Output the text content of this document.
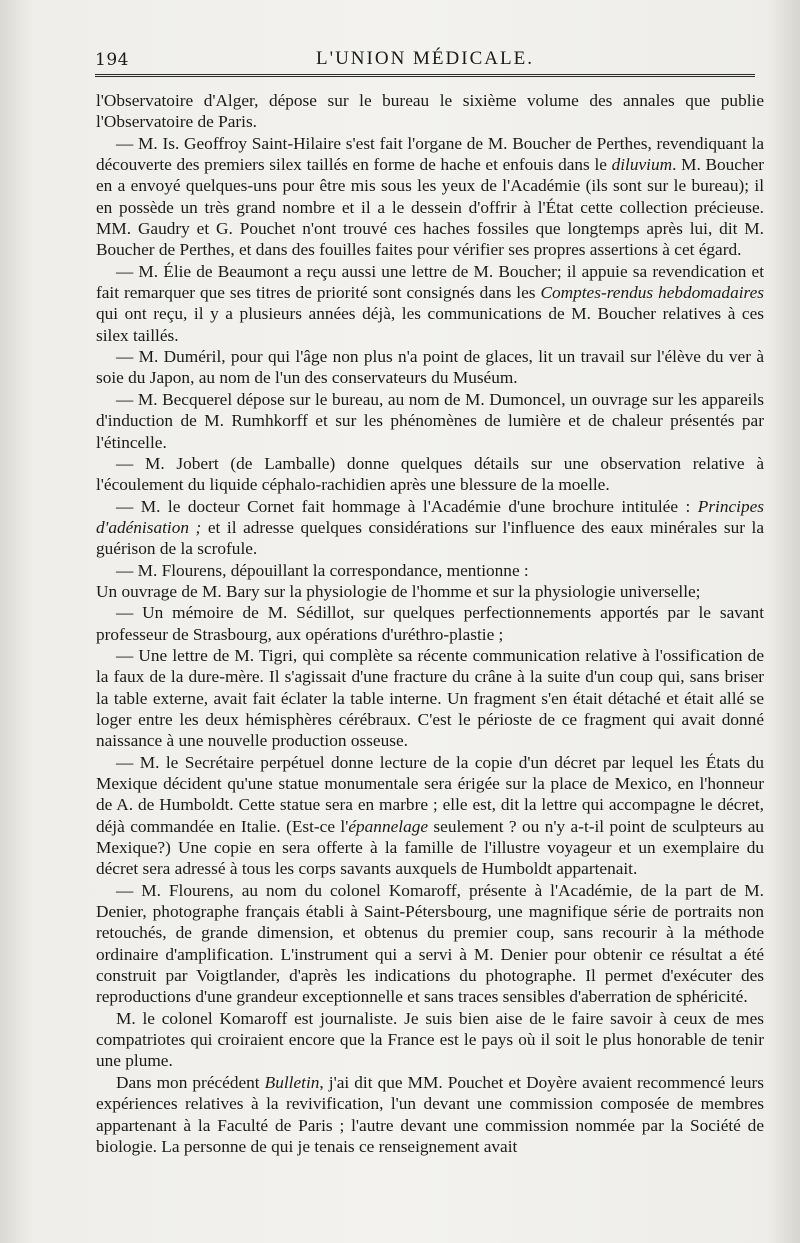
194	L'UNION MÉDICALE.

l'Observatoire d'Alger, dépose sur le bureau le sixième volume des annales que publie l'Observatoire de Paris.

— M. Is. Geoffroy Saint-Hilaire s'est fait l'organe de M. Boucher de Perthes, revendiquant la découverte des premiers silex taillés en forme de hache et enfouis dans le diluvium. M. Boucher en a envoyé quelques-uns pour être mis sous les yeux de l'Académie (ils sont sur le bureau); il en possède un très grand nombre et il a le dessein d'offrir à l'État cette collection précieuse. MM. Gaudry et G. Pouchet n'ont trouvé ces haches fossiles que longtemps après lui, dit M. Boucher de Perthes, et dans des fouilles faites pour vérifier ses propres assertions à cet égard.

— M. Élie de Beaumont a reçu aussi une lettre de M. Boucher; il appuie sa revendication et fait remarquer que ses titres de priorité sont consignés dans les Comptes-rendus hebdomadaires qui ont reçu, il y a plusieurs années déjà, les communications de M. Boucher relatives à ces silex taillés.

— M. Duméril, pour qui l'âge non plus n'a point de glaces, lit un travail sur l'élève du ver à soie du Japon, au nom de l'un des conservateurs du Muséum.

— M. Becquerel dépose sur le bureau, au nom de M. Dumoncel, un ouvrage sur les appareils d'induction de M. Rumhkorff et sur les phénomènes de lumière et de chaleur présentés par l'étincelle.

— M. Jobert (de Lamballe) donne quelques détails sur une observation relative à l'écoulement du liquide céphalo-rachidien après une blessure de la moelle.

— M. le docteur Cornet fait hommage à l'Académie d'une brochure intitulée : Principes d'adénisation ; et il adresse quelques considérations sur l'influence des eaux minérales sur la guérison de la scrofule.

— M. Flourens, dépouillant la correspondance, mentionne :

Un ouvrage de M. Bary sur la physiologie de l'homme et sur la physiologie universelle;

— Un mémoire de M. Sédillot, sur quelques perfectionnements apportés par le savant professeur de Strasbourg, aux opérations d'uréthro-plastie ;

— Une lettre de M. Tigri, qui complète sa récente communication relative à l'ossification de la faux de la dure-mère. Il s'agissait d'une fracture du crâne à la suite d'un coup qui, sans briser la table externe, avait fait éclater la table interne. Un fragment s'en était détaché et était allé se loger entre les deux hémisphères cérébraux. C'est le périoste de ce fragment qui avait donné naissance à une nouvelle production osseuse.

— M. le Secrétaire perpétuel donne lecture de la copie d'un décret par lequel les États du Mexique décident qu'une statue monumentale sera érigée sur la place de Mexico, en l'honneur de A. de Humboldt. Cette statue sera en marbre ; elle est, dit la lettre qui accompagne le décret, déjà commandée en Italie. (Est-ce l'épannelage seulement ? ou n'y a-t-il point de sculpteurs au Mexique?) Une copie en sera offerte à la famille de l'illustre voyageur et un exemplaire du décret sera adressé à tous les corps savants auxquels de Humboldt appartenait.

— M. Flourens, au nom du colonel Komaroff, présente à l'Académie, de la part de M. Denier, photographe français établi à Saint-Pétersbourg, une magnifique série de portraits non retouchés, de grande dimension, et obtenus du premier coup, sans recourir à la méthode ordinaire d'amplification. L'instrument qui a servi à M. Denier pour obtenir ce résultat a été construit par Voigtlander, d'après les indications du photographe. Il permet d'exécuter des reproductions d'une grandeur exceptionnelle et sans traces sensibles d'aberration de sphéricité.

M. le colonel Komaroff est journaliste. Je suis bien aise de le faire savoir à ceux de mes compatriotes qui croiraient encore que la France est le pays où il soit le plus honorable de tenir une plume.

Dans mon précédent Bulletin, j'ai dit que MM. Pouchet et Doyère avaient recommencé leurs expériences relatives à la revivification, l'un devant une commission composée de membres appartenant à la Faculté de Paris ; l'autre devant une commission nommée par la Société de biologie. La personne de qui je tenais ce renseignement avait
